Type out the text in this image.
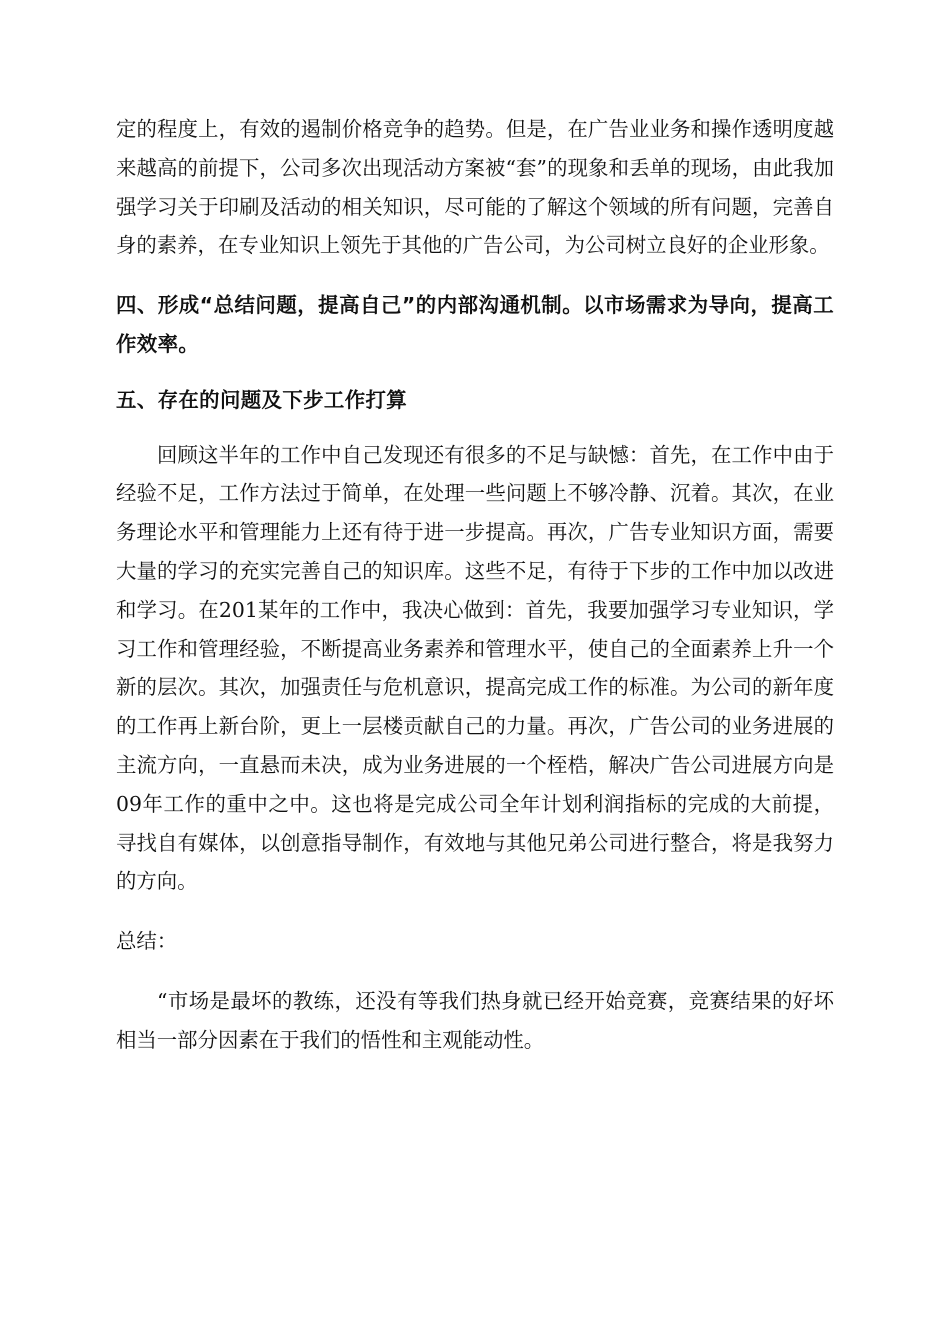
定的程度上，有效的遏制价格竞争的趋势。但是，在广告业业务和操作透明度越来越高的前提下，公司多次出现活动方案被“套”的现象和丢单的现场，由此我加强学习关于印刷及活动的相关知识，尽可能的了解这个领域的所有问题，完善自身的素养，在专业知识上领先于其他的广告公司，为公司树立良好的企业形象。

四、形成“总结问题，提高自己”的内部沟通机制。以市场需求为导向，提高工作效率。

五、存在的问题及下步工作打算

回顾这半年的工作中自己发现还有很多的不足与缺憾：首先，在工作中由于经验不足，工作方法过于简单，在处理一些问题上不够冷静、沉着。其次，在业务理论水平和管理能力上还有待于进一步提高。再次，广告专业知识方面，需要大量的学习的充实完善自己的知识库。这些不足，有待于下步的工作中加以改进和学习。在201某年的工作中，我决心做到：首先，我要加强学习专业知识，学习工作和管理经验，不断提高业务素养和管理水平，使自己的全面素养上升一个新的层次。其次，加强责任与危机意识，提高完成工作的标准。为公司的新年度的工作再上新台阶，更上一层楼贡献自己的力量。再次，广告公司的业务进展的主流方向，一直悬而未决，成为业务进展的一个桎梏，解决广告公司进展方向是09年工作的重中之中。这也将是完成公司全年计划利润指标的完成的大前提，寻找自有媒体，以创意指导制作，有效地与其他兄弟公司进行整合，将是我努力的方向。

总结：

“市场是最坏的教练，还没有等我们热身就已经开始竞赛，竞赛结果的好坏相当一部分因素在于我们的悟性和主观能动性。
